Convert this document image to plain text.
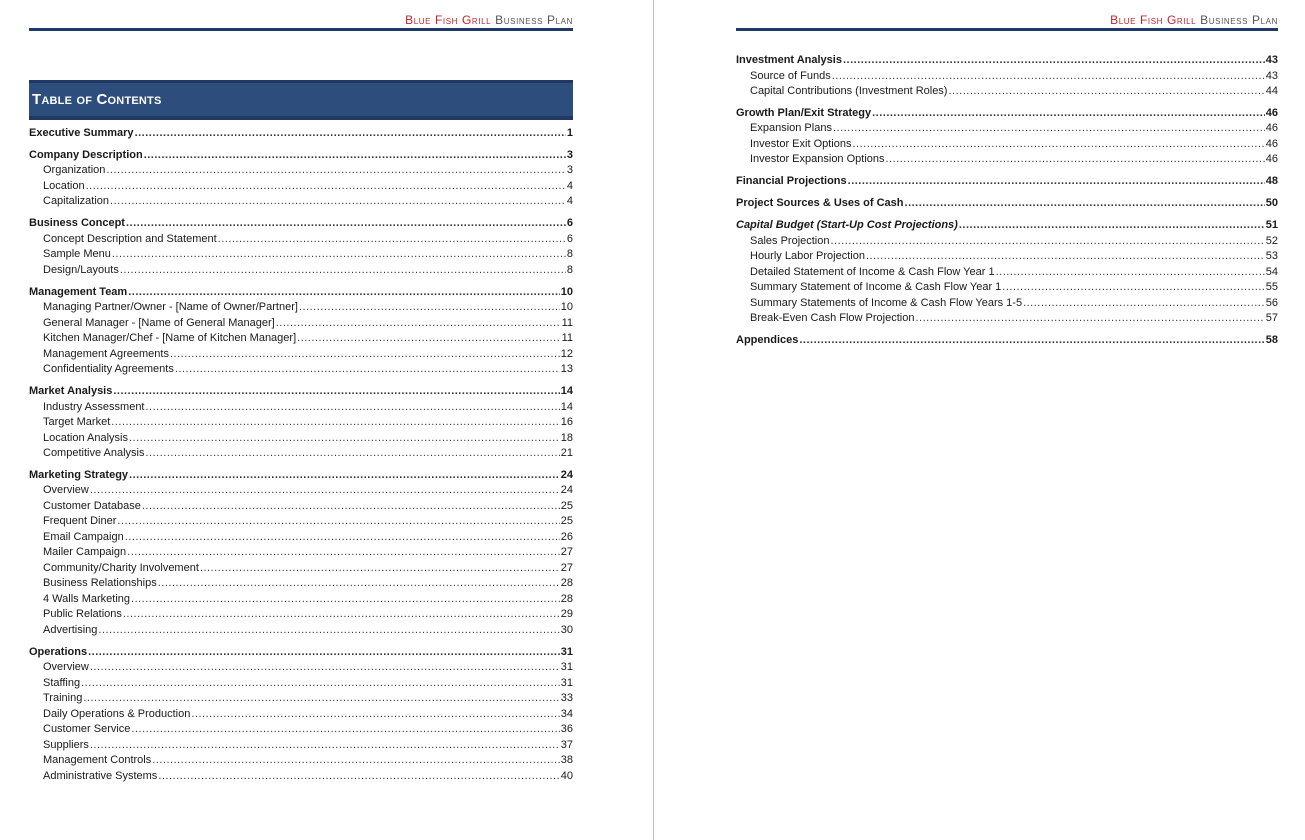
Blue Fish Grill Business Plan
Table of Contents
Executive Summary .....	1
Company Description .....	3
Organization .....	3
Location .....	4
Capitalization .....	4
Business Concept .....	6
Concept Description and Statement .....	6
Sample Menu .....	8
Design/Layouts .....	8
Management Team .....	10
Managing Partner/Owner - [Name of Owner/Partner] .....	10
General Manager - [Name of General Manager] .....	11
Kitchen Manager/Chef - [Name of Kitchen Manager] .....	11
Management Agreements .....	12
Confidentiality Agreements .....	13
Market Analysis .....	14
Industry Assessment .....	14
Target Market .....	16
Location Analysis .....	18
Competitive Analysis .....	21
Marketing Strategy .....	24
Overview .....	24
Customer Database .....	25
Frequent Diner .....	25
Email Campaign .....	26
Mailer Campaign .....	27
Community/Charity Involvement .....	27
Business Relationships .....	28
4 Walls Marketing .....	28
Public Relations .....	29
Advertising .....	30
Operations .....	31
Overview .....	31
Staffing .....	31
Training .....	33
Daily Operations & Production .....	34
Customer Service .....	36
Suppliers .....	37
Management Controls .....	38
Administrative Systems .....	40
Blue Fish Grill Business Plan
Investment Analysis .....	43
Source of Funds .....	43
Capital Contributions (Investment Roles) .....	44
Growth Plan/Exit Strategy .....	46
Expansion Plans .....	46
Investor Exit Options .....	46
Investor Expansion Options .....	46
Financial Projections .....	48
Project Sources & Uses of Cash .....	50
Capital Budget (Start-Up Cost Projections) .....	51
Sales Projection .....	52
Hourly Labor Projection .....	53
Detailed Statement of Income & Cash Flow Year 1 .....	54
Summary Statement of Income & Cash Flow Year 1 .....	55
Summary Statements of Income & Cash Flow Years 1-5 .....	56
Break-Even Cash Flow Projection .....	57
Appendices .....	58
